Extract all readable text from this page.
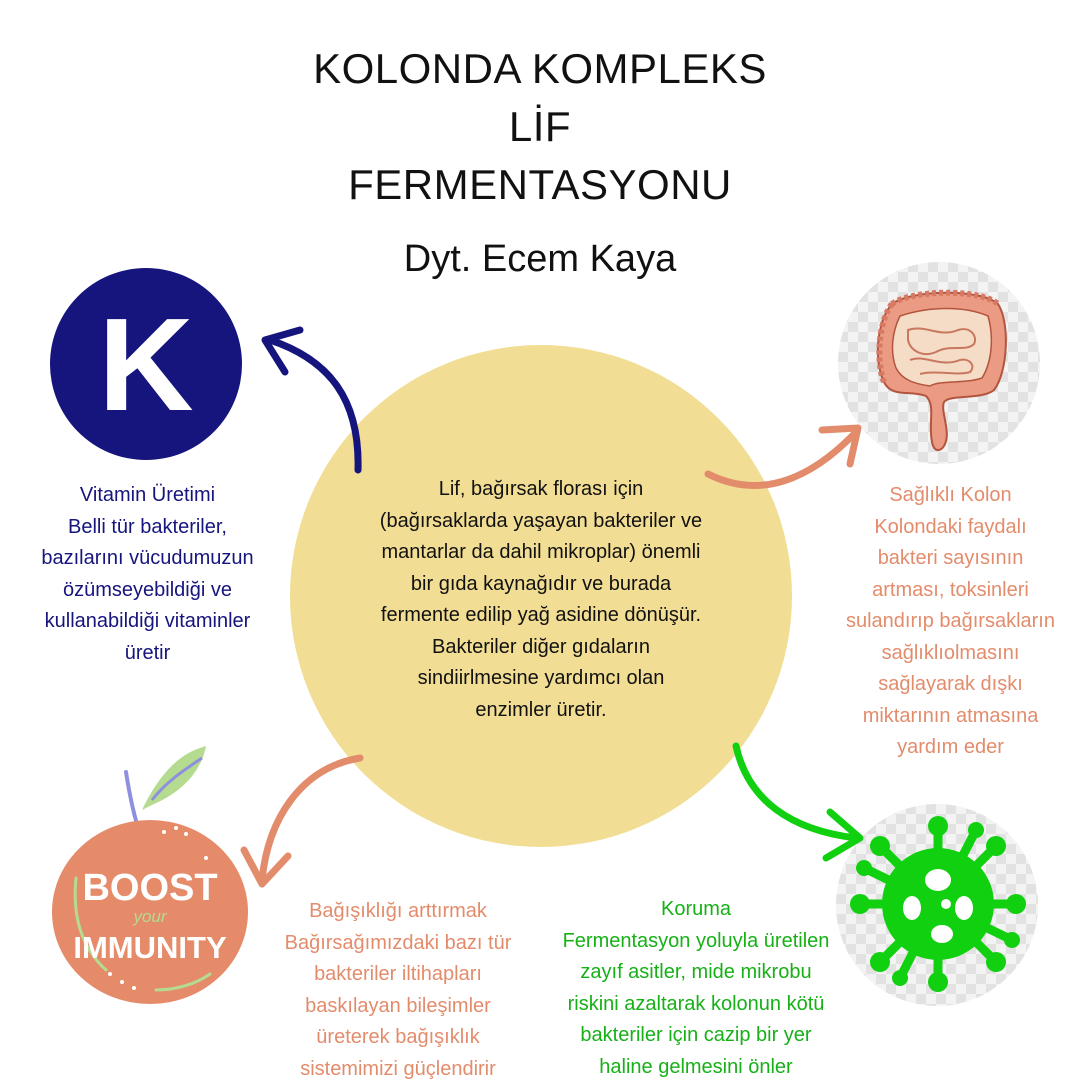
KOLONDA KOMPLEKS
LİF
FERMENTASYONU
Dyt. Ecem Kaya
Lif, bağırsak florası için
(bağırsaklarda yaşayan bakteriler ve
mantarlar da dahil mikroplar) önemli
bir gıda kaynağıdır ve burada
fermente edilip yağ asidine dönüşür.
Bakteriler diğer gıdaların
sindiirlmesine yardımcı olan
enzimler üretir.
K
BOOST
your
IMMUNITY
Vitamin Üretimi
Belli tür bakteriler,
bazılarını vücudumuzun
özümseyebildiği ve
kullanabildiği vitaminler
üretir
Sağlıklı Kolon
Kolondaki faydalı
bakteri sayısının
artması, toksinleri
sulandırıp bağırsakların
sağlıklıolmasını
sağlayarak dışkı
miktarının atmasına
yardım eder
Bağışıklığı arttırmak
Bağırsağımızdaki bazı tür
bakteriler iltihapları
baskılayan bileşimler
üreterek bağışıklık
sistemimizi güçlendirir
Koruma
Fermentasyon yoluyla üretilen
zayıf asitler, mide mikrobu
riskini azaltarak kolonun kötü
bakteriler için cazip bir yer
haline gelmesini önler
